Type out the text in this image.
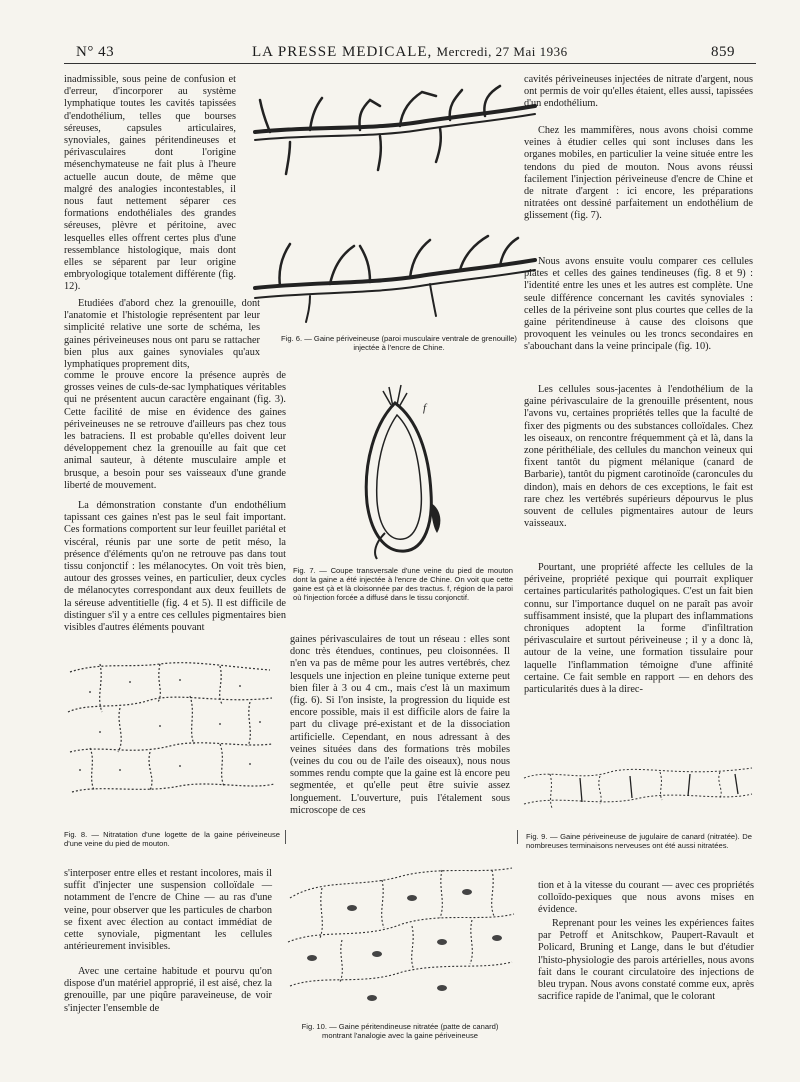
N° 43	LA PRESSE MEDICALE, Mercredi, 27 Mai 1936	859

inadmissible, sous peine de confusion et d'erreur, d'incorporer au système lymphatique toutes les cavités tapissées d'endothélium, telles que bourses séreuses, capsules articulaires, synoviales, gaines péritendineuses et périvasculaires dont l'origine mésenchymateuse ne fait plus à l'heure actuelle aucun doute, de même que malgré des analogies incontestables, il nous faut nettement séparer ces formations endothéliales des grandes séreuses, plèvre et péritoine, avec lesquelles elles offrent certes plus d'une ressemblance histologique, mais dont elles se séparent par leur origine embryologique totalement différente (fig. 12).

Etudiées d'abord chez la grenouille, dont l'anatomie et l'histologie représentent par leur simplicité relative une sorte de schéma, les gaines périveineuses nous ont paru se rattacher bien plus aux gaines synoviales qu'aux lymphatiques proprement dits,

comme le prouve encore la présence auprès de grosses veines de culs-de-sac lymphatiques véritables qui ne présentent aucun caractère engainant (fig. 3). Cette facilité de mise en évidence des gaines périveineuses ne se retrouve d'ailleurs pas chez tous les batraciens. Il est probable qu'elles doivent leur développement chez la grenouille au fait que cet animal sauteur, à détente musculaire ample et brusque, a besoin pour ses vaisseaux d'une grande liberté de mouvement.

La démonstration constante d'un endothélium tapissant ces gaines n'est pas le seul fait important. Ces formations comportent sur leur feuillet pariétal et viscéral, réunis par une sorte de petit méso, la présence d'éléments qu'on ne retrouve pas dans tout tissu conjonctif : les mélanocytes. On voit très bien, autour des grosses veines, en particulier, deux cycles de mélanocytes correspondant aux deux feuillets de la séreuse adventitielle (fig. 4 et 5). Il est difficile de distinguer s'il y a entre ces cellules pigmentaires bien visibles d'autres éléments pouvant

Fig. 6. — Gaine périveineuse (paroi musculaire ventrale de grenouille) injectée à l'encre de Chine.

f

Fig. 7. — Coupe transversale d'une veine du pied de mouton dont la gaine a été injectée à l'encre de Chine. On voit que cette gaine est çà et là cloisonnée par des tractus. f, région de la paroi où l'injection forcée a diffusé dans le tissu conjonctif.

gaines périvasculaires de tout un réseau : elles sont donc très étendues, continues, peu cloisonnées. Il n'en va pas de même pour les autres vertébrés, chez lesquels une injection en pleine tunique externe peut bien filer à 3 ou 4 cm., mais c'est là un maximum (fig. 6). Si l'on insiste, la progression du liquide est encore possible, mais il est difficile alors de faire la part du clivage pré-existant et de la dissociation artificielle. Cependant, en nous adressant à des veines situées dans des formations très mobiles (veines du cou ou de l'aile des oiseaux), nous nous sommes rendu compte que la gaine est là encore peu segmentée, et qu'elle peut être suivie assez longuement. L'ouverture, puis l'étalement sous microscope de ces

cavités périveineuses injectées de nitrate d'argent, nous ont permis de voir qu'elles étaient, elles aussi, tapissées d'un endothélium.

Chez les mammifères, nous avons choisi comme veines à étudier celles qui sont incluses dans les organes mobiles, en particulier la veine située entre les tendons du pied de mouton. Nous avons réussi facilement l'injection périveineuse d'encre de Chine et de nitrate d'argent : ici encore, les préparations nitratées ont dessiné parfaitement un endothélium de glissement (fig. 7).

Nous avons ensuite voulu comparer ces cellules plates et celles des gaines tendineuses (fig. 8 et 9) : l'identité entre les unes et les autres est complète. Une seule différence concernant les cavités synoviales : celles de la périveine sont plus courtes que celles de la gaine péritendineuse à cause des cloisons que provoquent les veinules ou les troncs secondaires en s'abouchant dans la veine principale (fig. 10).

Les cellules sous-jacentes à l'endothélium de la gaine périvasculaire de la grenouille présentent, nous l'avons vu, certaines propriétés telles que la faculté de fixer des pigments ou des substances colloïdales. Chez les oiseaux, on rencontre fréquemment çà et là, dans la zone périthéliale, des cellules du manchon veineux qui fixent tantôt du pigment mélanique (canard de Barbarie), tantôt du pigment carotinoïde (caroncules du dindon), mais en dehors de ces exceptions, le fait est rare chez les vertébrés supérieurs dépourvus le plus souvent de cellules pigmentaires autour de leurs vaisseaux.

Pourtant, une propriété affecte les cellules de la périveine, propriété pexique qui pourrait expliquer certaines particularités pathologiques. C'est un fait bien connu, sur l'importance duquel on ne paraît pas avoir suffisamment insisté, que la plupart des inflammations chroniques adoptent la forme d'infiltration périvasculaire et surtout périveineuse ; il y a donc là, autour de la veine, une formation tissulaire pour laquelle l'inflammation témoigne d'une affinité certaine. Ce fait semble en rapport — en dehors des particularités dues à la direc-

Fig. 8. — Nitratation d'une logette de la gaine périveineuse d'une veine du pied de mouton.

Fig. 9. — Gaine périveineuse de jugulaire de canard (nitratée). De nombreuses terminaisons nerveuses ont été aussi nitratées.

s'interposer entre elles et restant incolores, mais il suffit d'injecter une suspension colloïdale — notamment de l'encre de Chine — au ras d'une veine, pour observer que les particules de charbon se fixent avec élection au contact immédiat de cette synoviale, pigmentant les cellules antérieurement invisibles.

Avec une certaine habitude et pourvu qu'on dispose d'un matériel approprié, il est aisé, chez la grenouille, par une piqûre paraveineuse, de voir s'injecter l'ensemble de

Fig. 10. — Gaine péritendineuse nitratée (patte de canard) montrant l'analogie avec la gaine périveineuse

tion et à la vitesse du courant — avec ces propriétés colloïdo-pexiques que nous avons mises en évidence.

Reprenant pour les veines les expériences faites par Petroff et Anitschkow, Paupert-Ravault et Policard, Bruning et Lange, dans le but d'étudier l'histo-physiologie des parois artérielles, nous avons fait dans le courant circulatoire des injections de bleu trypan. Nous avons constaté comme eux, après sacrifice rapide de l'animal, que le colorant
